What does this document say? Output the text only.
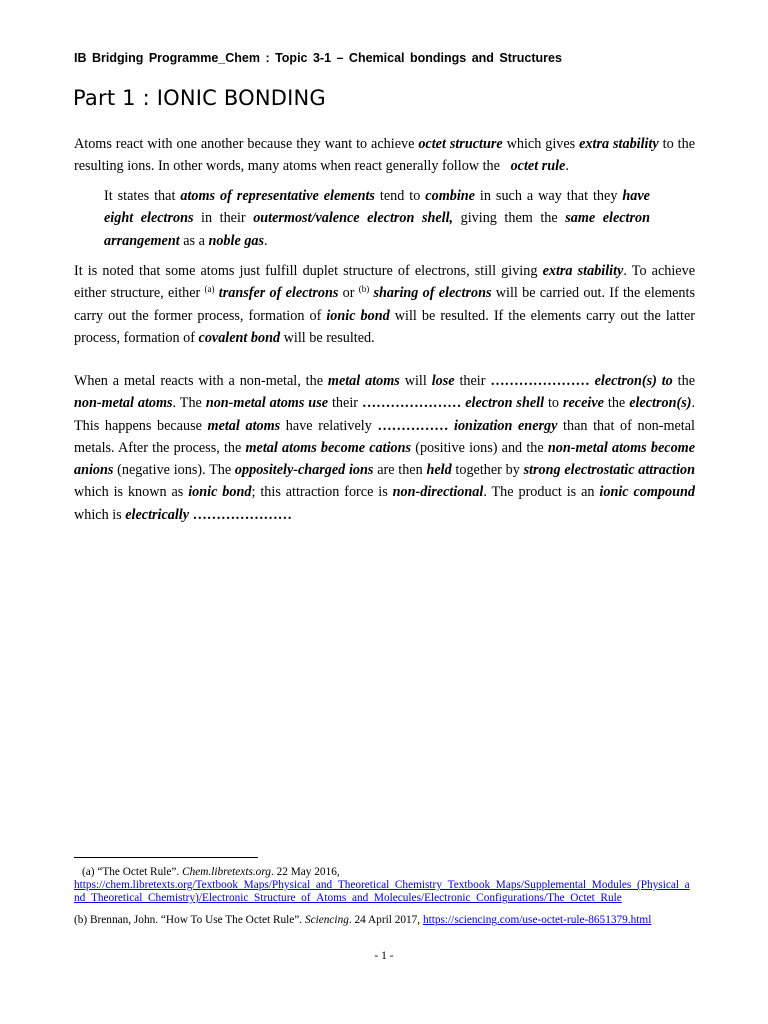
IB Bridging Programme_Chem : Topic 3-1 – Chemical bondings and Structures
Part 1 : IONIC BONDING

Atoms react with one another because they want to achieve octet structure which gives extra stability to the resulting ions. In other words, many atoms when react generally follow the   octet rule.

It states that atoms of representative elements tend to combine in such a way that they have eight electrons in their outermost/valence electron shell, giving them the same electron arrangement as a noble gas.

It is noted that some atoms just fulfill duplet structure of electrons, still giving extra stability. To achieve either structure, either $^{(a)}$ transfer of electrons or $^{(b)}$ sharing of electrons will be carried out. If the elements carry out the former process, formation of ionic bond will be resulted. If the elements carry out the latter process, formation of covalent bond will be resulted.

When a metal reacts with a non-metal, the metal atoms will lose their ………………… electron(s) to the non-metal atoms. The non-metal atoms use their ………………… electron shell to receive the electron(s). This happens because metal atoms have relatively …………… ionization energy than that of non-metal metals. After the process, the metal atoms become cations (positive ions) and the non-metal atoms become anions (negative ions). The oppositely-charged ions are then held together by strong electrostatic attraction which is known as ionic bond; this attraction force is non-directional. The product is an ionic compound which is electrically …………………

(a) “The Octet Rule”. Chem.libretexts.org. 22 May 2016,
https://chem.libretexts.org/Textbook_Maps/Physical_and_Theoretical_Chemistry_Textbook_Maps/Supplemental_Modules_(Physical_and_Theoretical_Chemistry)/Electronic_Structure_of_Atoms_and_Molecules/Electronic_Configurations/The_Octet_Rule

(b) Brennan, John. “How To Use The Octet Rule”. Sciencing. 24 April 2017, https://sciencing.com/use-octet-rule-8651379.html

- 1 -
